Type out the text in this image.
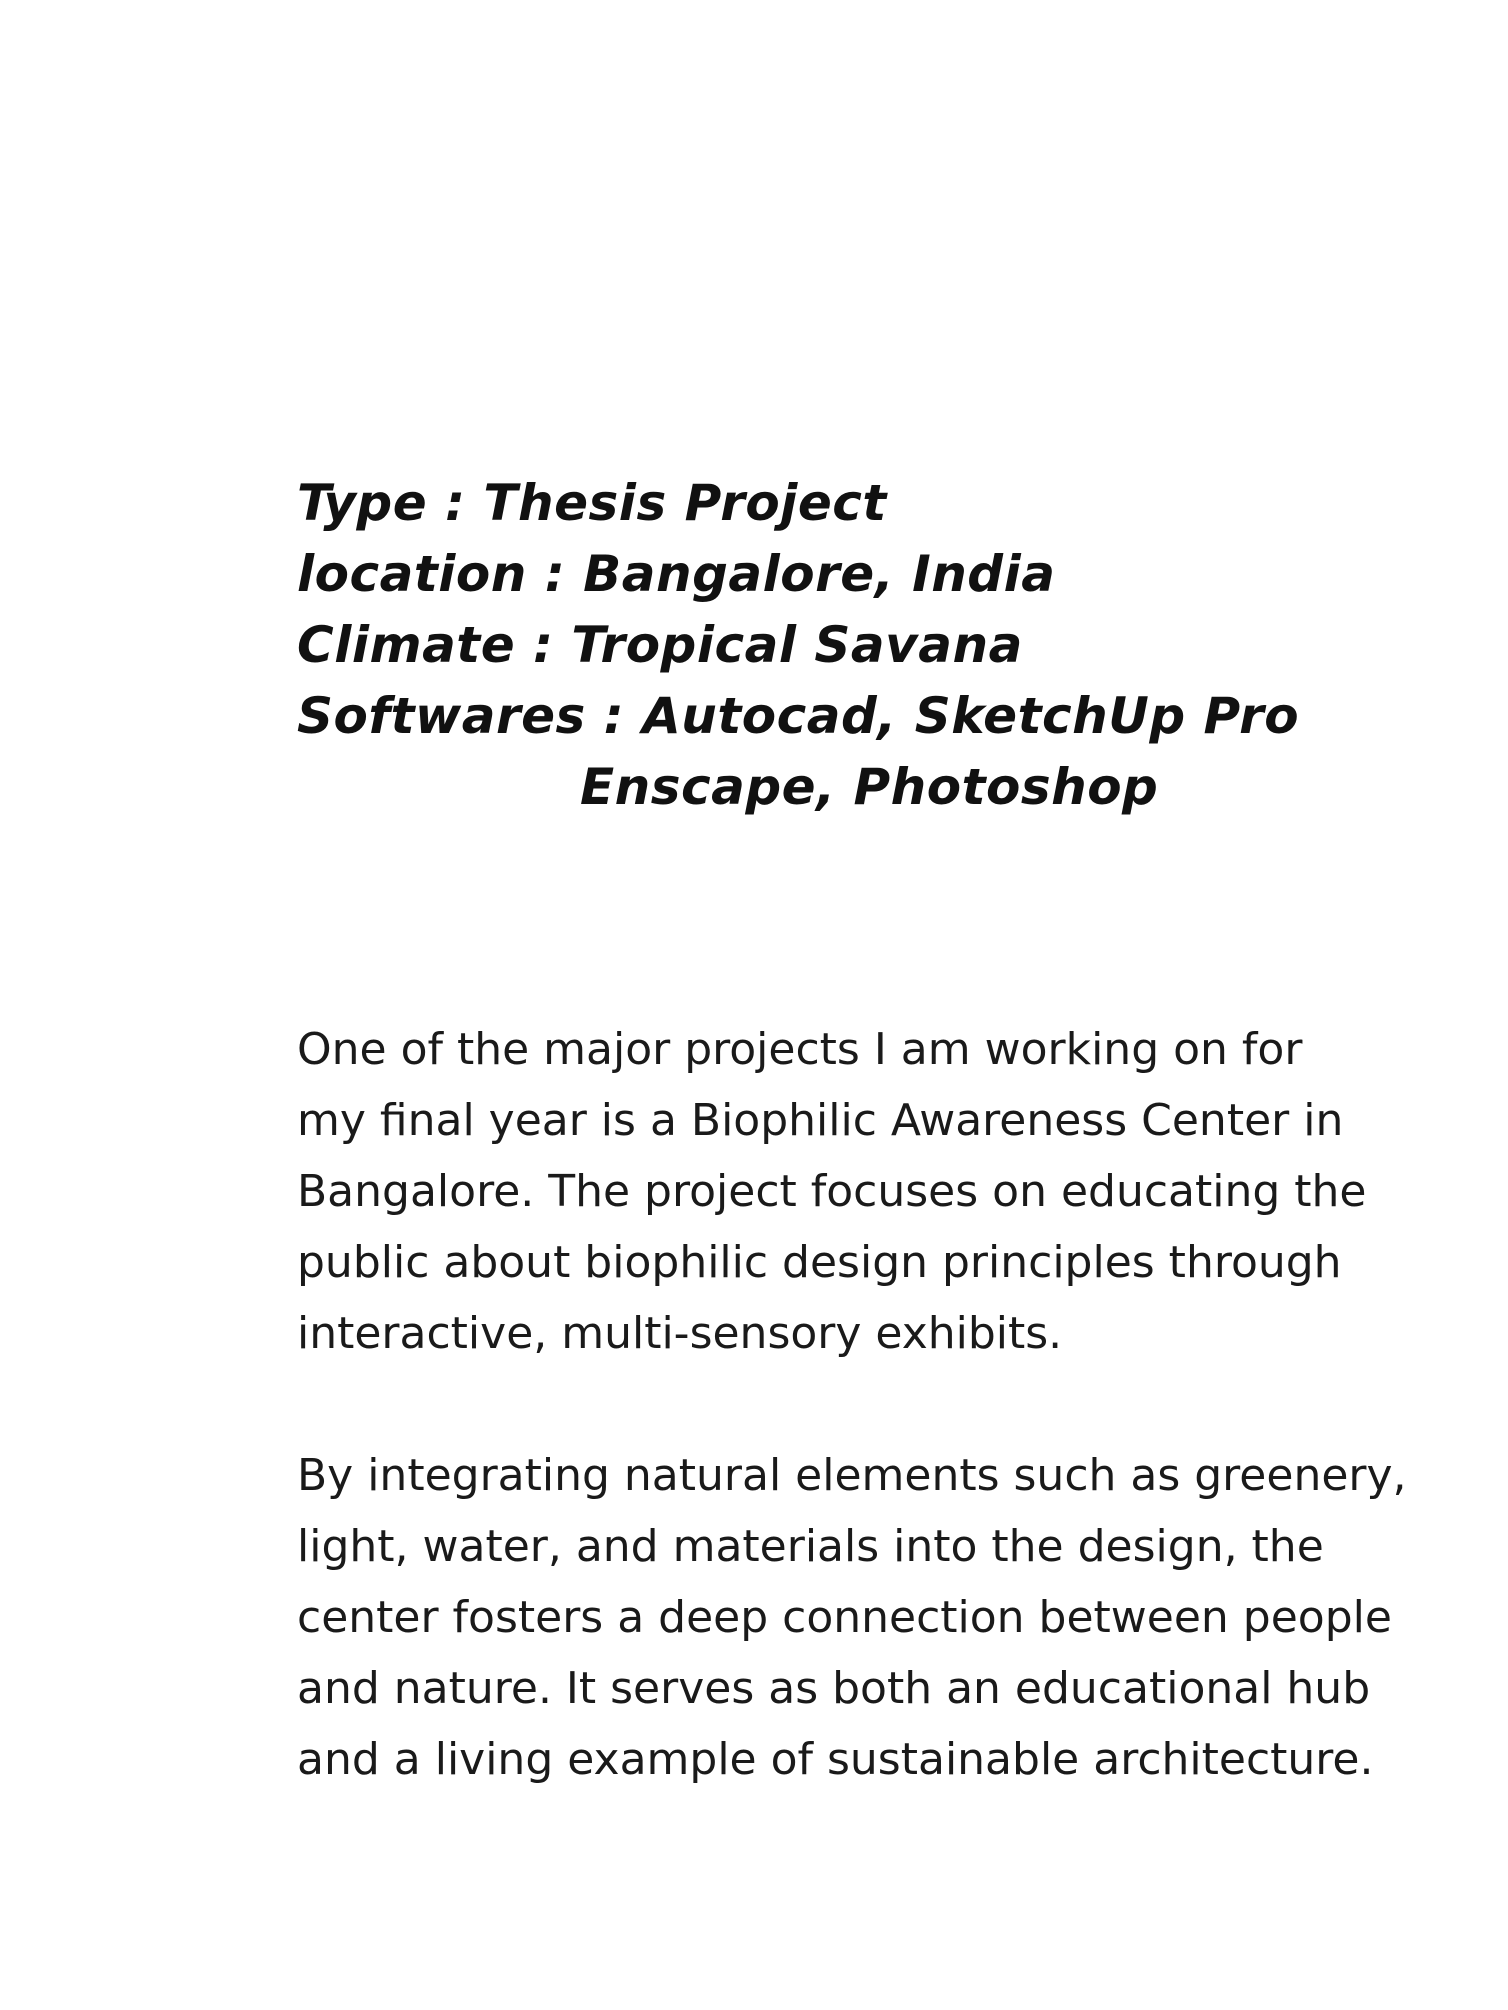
Type : Thesis Project
location : Bangalore, India
Climate : Tropical Savana
Softwares : Autocad, SketchUp Pro
Enscape, Photoshop

One of the major projects I am working on for
my final year is a Biophilic Awareness Center in
Bangalore. The project focuses on educating the
public about biophilic design principles through
interactive, multi-sensory exhibits.

By integrating natural elements such as greenery,
light, water, and materials into the design, the
center fosters a deep connection between people
and nature. It serves as both an educational hub
and a living example of sustainable architecture.
